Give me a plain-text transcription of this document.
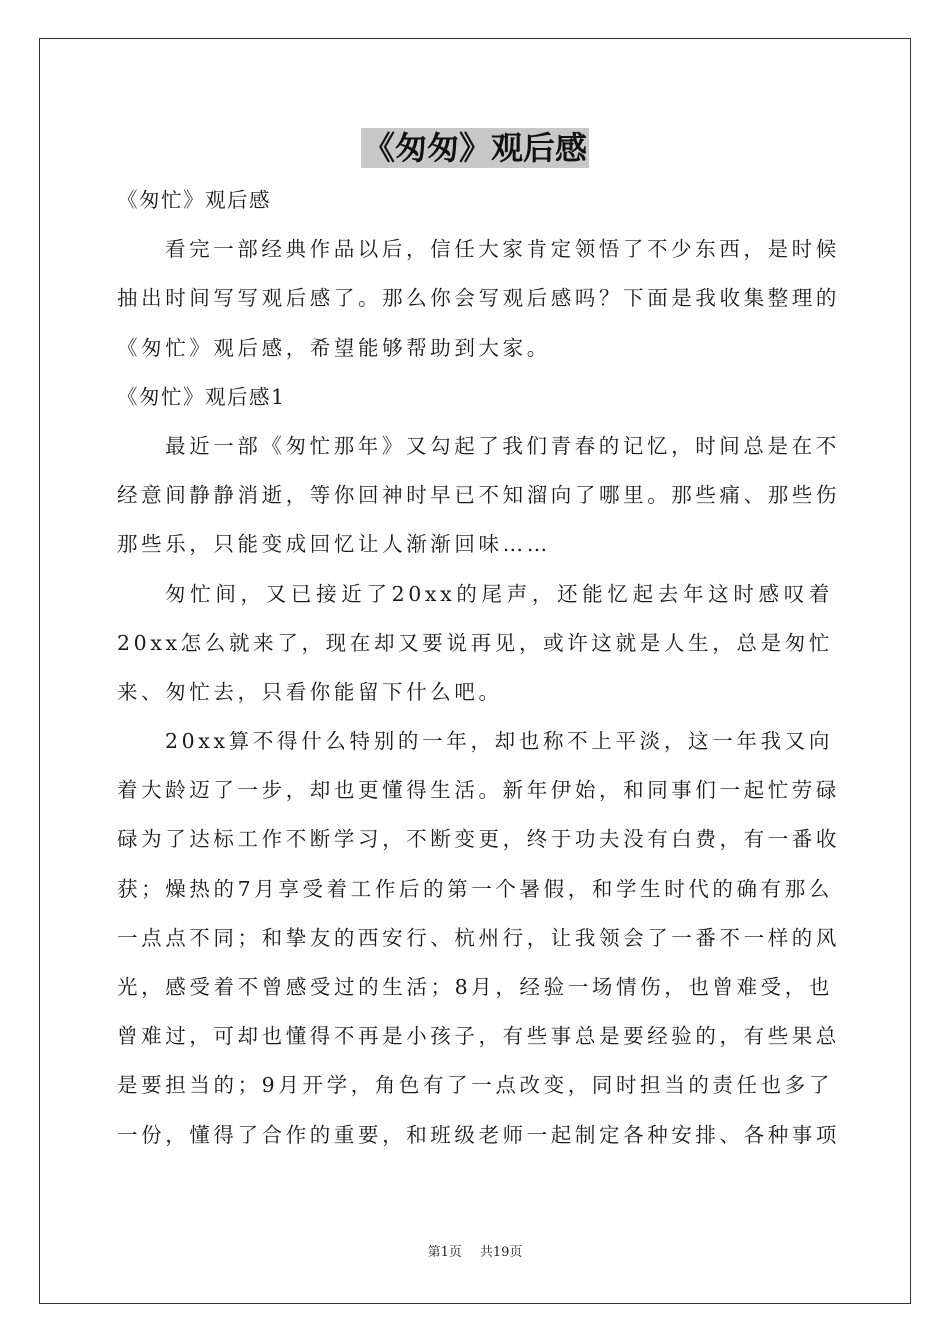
《匆匆》观后感
《匆忙》观后感
看完一部经典作品以后，信任大家肯定领悟了不少东西，是时候
抽出时间写写观后感了。那么你会写观后感吗？下面是我收集整理的
《匆忙》观后感，希望能够帮助到大家。
《匆忙》观后感1
最近一部《匆忙那年》又勾起了我们青春的记忆，时间总是在不
经意间静静消逝，等你回神时早已不知溜向了哪里。那些痛、那些伤
那些乐，只能变成回忆让人渐渐回味……
匆忙间，又已接近了20xx的尾声，还能忆起去年这时感叹着
20xx怎么就来了，现在却又要说再见，或许这就是人生，总是匆忙
来、匆忙去，只看你能留下什么吧。
20xx算不得什么特别的一年，却也称不上平淡，这一年我又向
着大龄迈了一步，却也更懂得生活。新年伊始，和同事们一起忙劳碌
碌为了达标工作不断学习，不断变更，终于功夫没有白费，有一番收
获；燥热的7月享受着工作后的第一个暑假，和学生时代的确有那么
一点点不同；和挚友的西安行、杭州行，让我领会了一番不一样的风
光，感受着不曾感受过的生活；8月，经验一场情伤，也曾难受，也
曾难过，可却也懂得不再是小孩子，有些事总是要经验的，有些果总
是要担当的；9月开学，角色有了一点改变，同时担当的责任也多了
一份，懂得了合作的重要，和班级老师一起制定各种安排、各种事项
第1页 共19页
